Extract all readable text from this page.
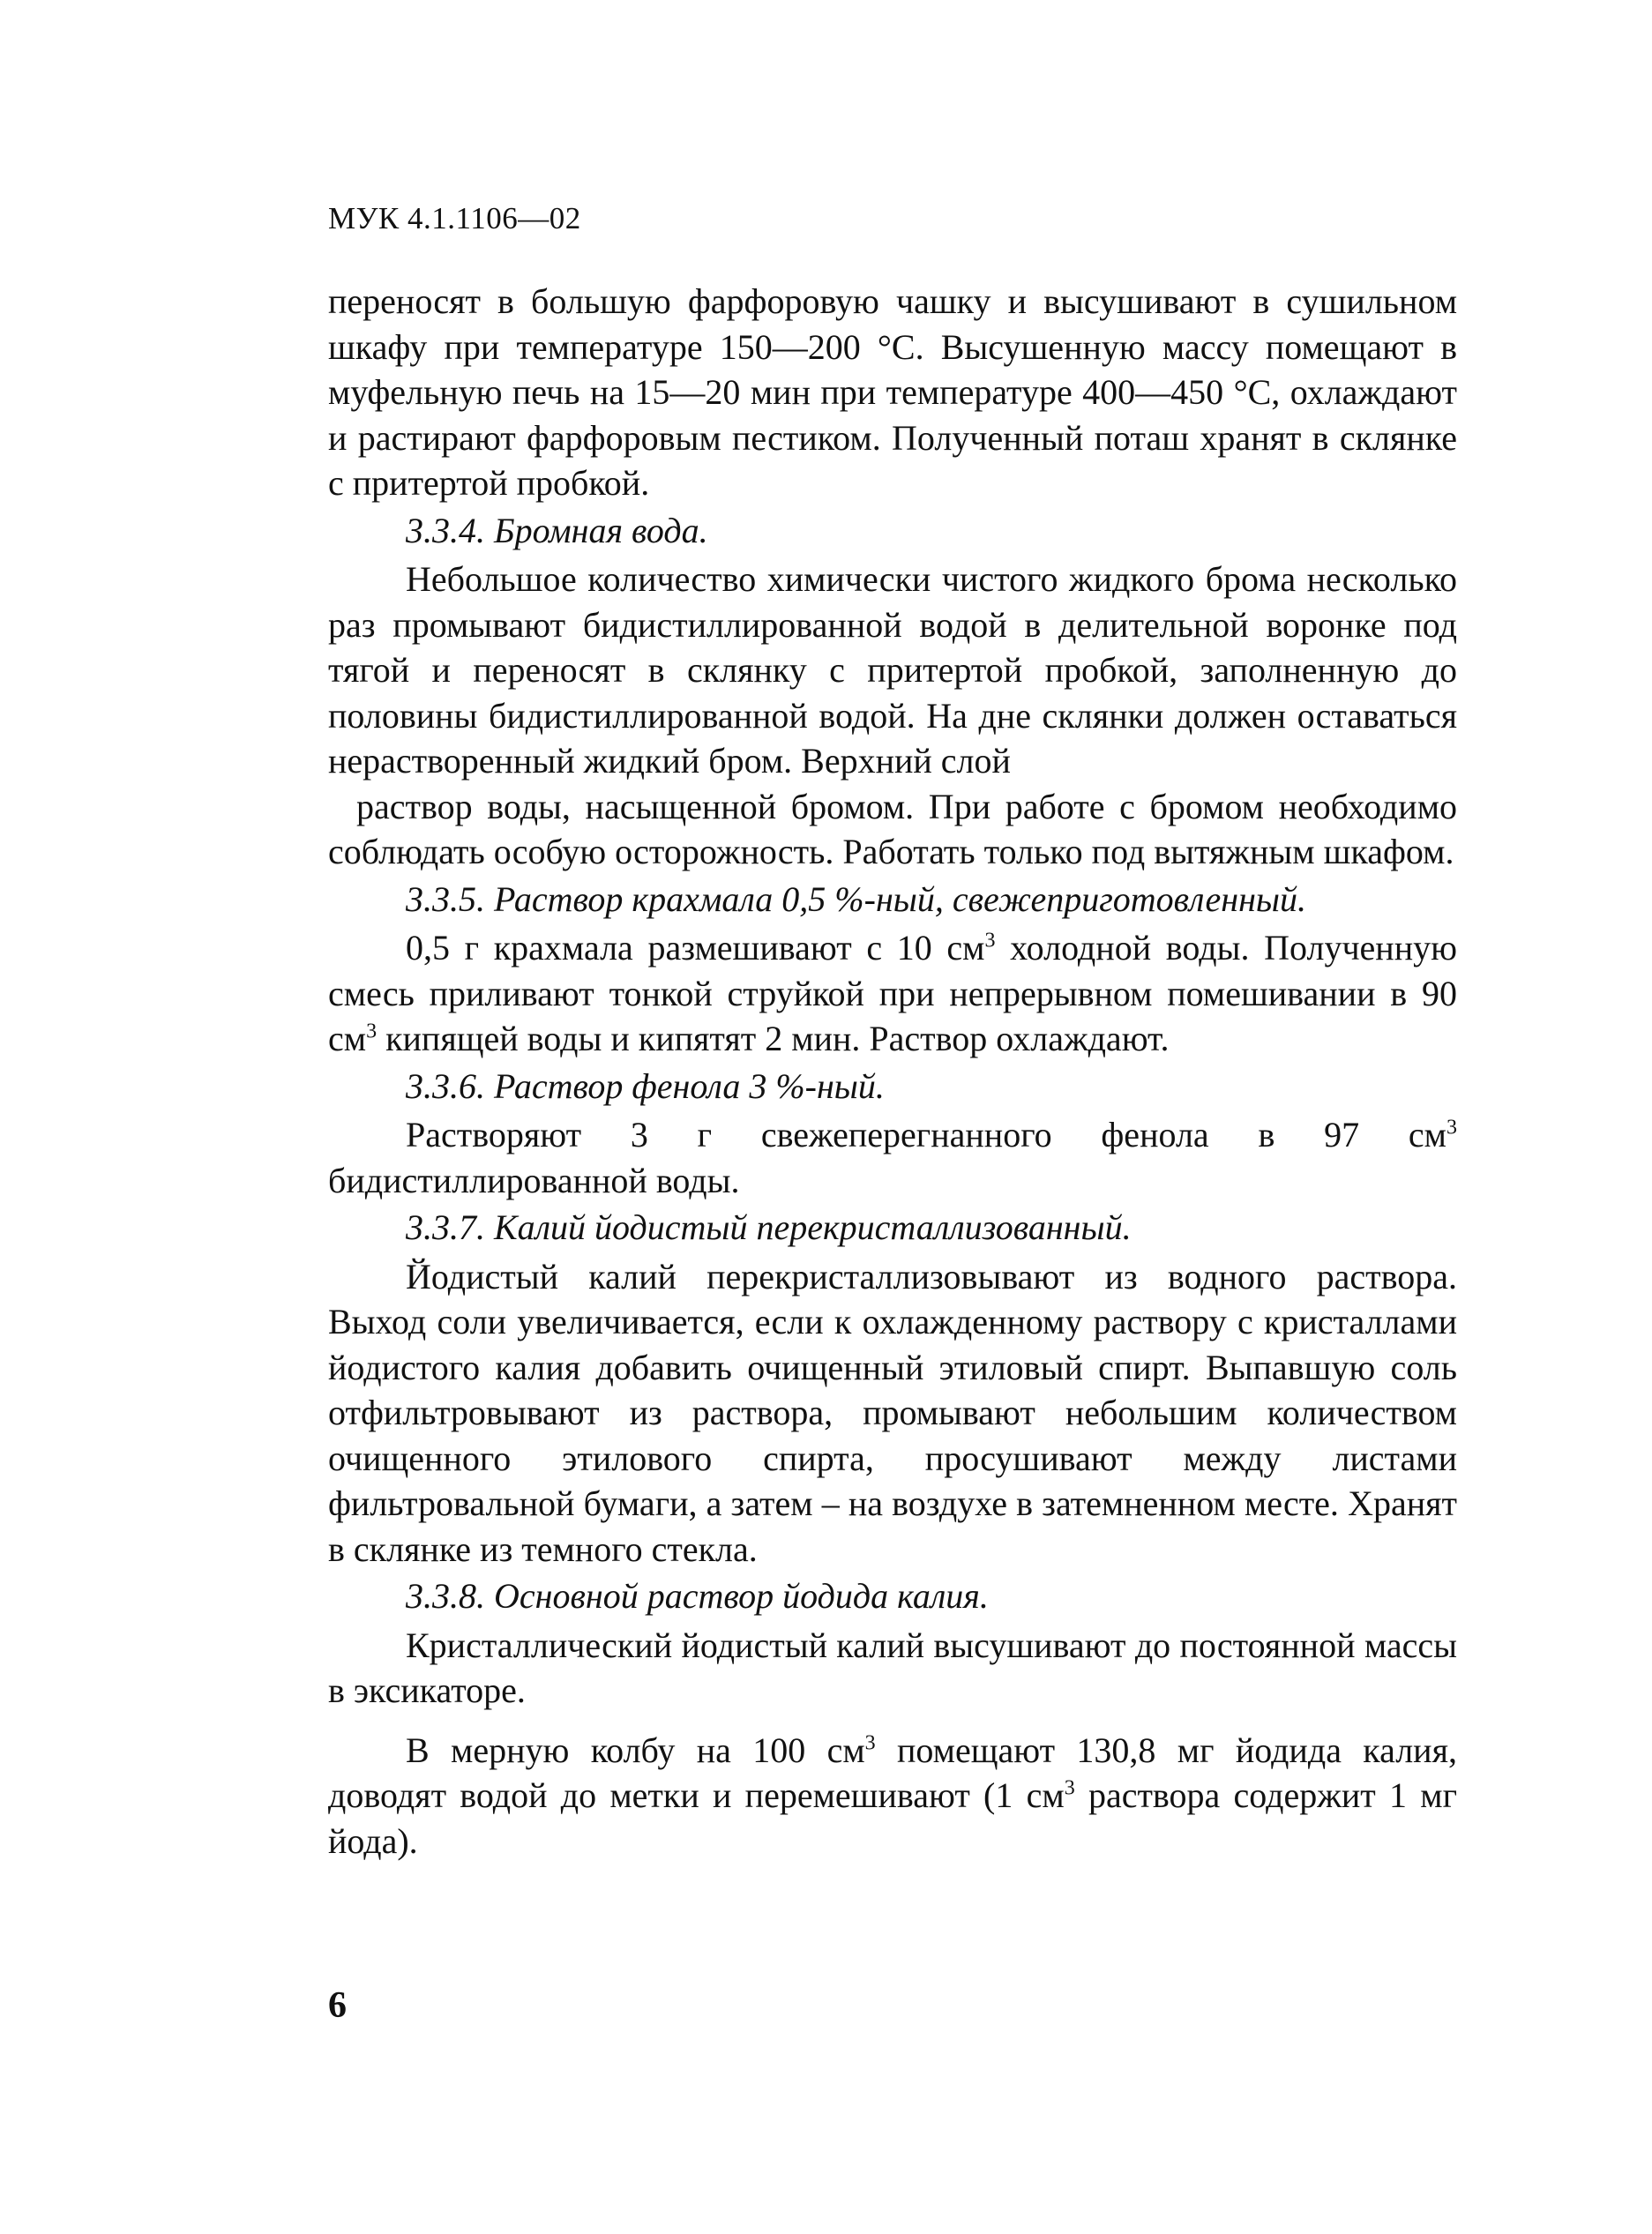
МУК 4.1.1106—02

переносят в большую фарфоровую чашку и высушивают в сушильном шкафу при температуре 150—200 °С. Высушенную массу помещают в муфельную печь на 15—20 мин при температуре 400—450 °С, охлаждают и растирают фарфоровым пестиком. Полученный поташ хранят в склянке с притертой пробкой.

3.3.4. Бромная вода.

Небольшое количество химически чистого жидкого брома несколько раз промывают бидистиллированной водой в делительной воронке под тягой и переносят в склянку с притертой пробкой, заполненную до половины бидистиллированной водой. На дне склянки должен оставаться нерастворенный жидкий бром. Верхний слой

раствор воды, насыщенной бромом. При работе с бромом необходимо соблюдать особую осторожность. Работать только под вытяжным шкафом.

3.3.5. Раствор крахмала 0,5 %-ный, свежеприготовленный.

0,5 г крахмала размешивают с 10 $см^3$ холодной воды. Полученную смесь приливают тонкой струйкой при непрерывном помешивании в 90 $см^3$ кипящей воды и кипятят 2 мин. Раствор охлаждают.

3.3.6. Раствор фенола 3 %-ный.

Растворяют 3 г свежеперегнанного фенола в 97 $см^3$ бидистиллированной воды.

3.3.7. Калий йодистый перекристаллизованный.

Йодистый калий перекристаллизовывают из водного раствора. Выход соли увеличивается, если к охлажденному раствору с кристаллами йодистого калия добавить очищенный этиловый спирт. Выпавшую соль отфильтровывают из раствора, промывают небольшим количеством очищенного этилового спирта, просушивают между листами фильтровальной бумаги, а затем – на воздухе в затемненном месте. Хранят в склянке из темного стекла.

3.3.8. Основной раствор йодида калия.

Кристаллический йодистый калий высушивают до постоянной массы в эксикаторе.

В мерную колбу на 100 $см^3$ помещают 130,8 мг йодида калия, доводят водой до метки и перемешивают (1 $см^3$ раствора содержит 1 мг йода).

6
